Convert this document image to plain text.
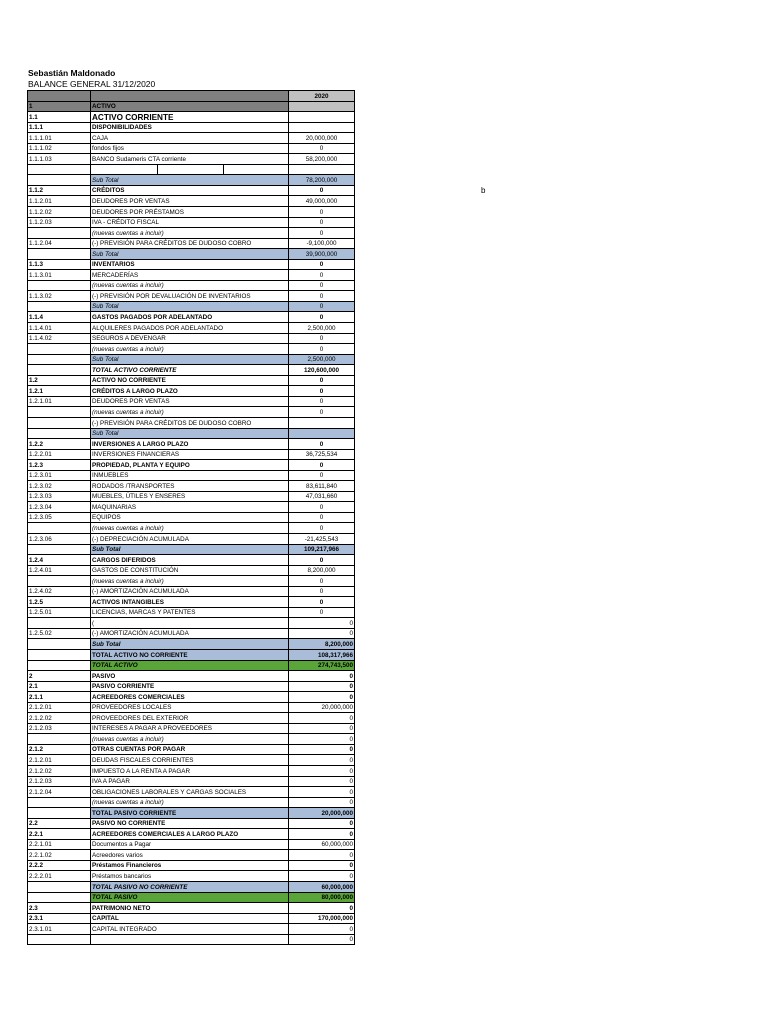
Sebastián Maldonado
BALANCE GENERAL 31/12/2020
b
		2020
1	ACTIVO	
1.1	ACTIVO CORRIENTE	
1.1.1	DISPONIBILIDADES	
1.1.1.01	CAJA	20,000,000
1.1.1.02	fondos fijos	0
1.1.1.03	BANCO Sudameris CTA corriente	58,200,000

	Sub Total	78,200,000
1.1.2	CRÉDITOS	0
1.1.2.01	DEUDORES POR VENTAS	49,000,000
1.1.2.02	DEUDORES POR PRÉSTAMOS	0
1.1.2.03	IVA - CRÉDITO FISCAL	0
	(nuevas cuentas a incluir)	0
1.1.2.04	(-) PREVISIÓN PARA CRÉDITOS DE DUDOSO COBRO	-9,100,000
	Sub Total	39,900,000
1.1.3	INVENTARIOS	0
1.1.3.01	MERCADERÍAS	0
	(nuevas cuentas a incluir)	0
1.1.3.02	(-) PREVISIÓN POR DEVALUACIÓN DE INVENTARIOS	0
	Sub Total	0
1.1.4	GASTOS PAGADOS POR ADELANTADO	0
1.1.4.01	ALQUILERES PAGADOS POR ADELANTADO	2,500,000
1.1.4.02	SEGUROS A DEVENGAR	0
	(nuevas cuentas a incluir)	0
	Sub Total	2,500,000
	TOTAL ACTIVO CORRIENTE	120,600,000
1.2	ACTIVO NO CORRIENTE	0
1.2.1	CRÉDITOS A LARGO PLAZO	0
1.2.1.01	DEUDORES POR VENTAS	0
	(nuevas cuentas a incluir)	0
	(-) PREVISIÓN PARA CRÉDITOS DE DUDOSO COBRO	
	Sub Total	
1.2.2	INVERSIONES A LARGO PLAZO	0
1.2.2.01	INVERSIONES FINANCIERAS	36,725,534
1.2.3	PROPIEDAD, PLANTA Y EQUIPO	0
1.2.3.01	INMUEBLES	0
1.2.3.02	RODADOS /TRANSPORTES	83,611,840
1.2.3.03	MUEBLES, ÚTILES Y ENSERES	47,031,660
1.2.3.04	MAQUINARIAS	0
1.2.3.05	EQUIPOS	0
	(nuevas cuentas a incluir)	0
1.2.3.06	(-) DEPRECIACIÓN ACUMULADA	-21,425,543
	Sub Total	109,217,966
1.2.4	CARGOS DIFERIDOS	0
1.2.4.01	GASTOS DE CONSTITUCIÓN	8,200,000
	(nuevas cuentas a incluir)	0
1.2.4.02	(-) AMORTIZACIÓN ACUMULADA	0
1.2.5	ACTIVOS INTANGIBLES	0
1.2.5.01	LICENCIAS, MARCAS Y PATENTES	0
	(	0
1.2.5.02	(-) AMORTIZACIÓN ACUMULADA	0
	Sub Total	8,200,000
	TOTAL ACTIVO NO CORRIENTE	108,317,966
	TOTAL ACTIVO	274,743,500
2	PASIVO	0
2.1	PASIVO CORRIENTE	0
2.1.1	ACREEDORES COMERCIALES	0
2.1.2.01	PROVEEDORES LOCALES	20,000,000
2.1.2.02	PROVEEDORES DEL EXTERIOR	0
2.1.2.03	INTERESES A PAGAR A PROVEEDORES	0
	(nuevas cuentas a incluir)	0
2.1.2	OTRAS CUENTAS POR PAGAR	0
2.1.2.01	DEUDAS FISCALES CORRIENTES	0
2.1.2.02	IMPUESTO A LA RENTA A PAGAR	0
2.1.2.03	IVA A PAGAR	0
2.1.2.04	OBLIGACIONES LABORALES Y CARGAS SOCIALES	0
	(nuevas cuentas a incluir)	0
	TOTAL PASIVO CORRIENTE	20,000,000
2.2	PASIVO NO CORRIENTE	0
2.2.1	ACREEDORES COMERCIALES A LARGO PLAZO	0
2.2.1.01	Documentos a Pagar	60,000,000
2.2.1.02	Acreedores varios	0
2.2.2	Préstamos Financieros	0
2.2.2.01	Préstamos bancarios	0
	TOTAL PASIVO NO CORRIENTE	60,000,000
	TOTAL PASIVO	80,000,000
2.3	PATRIMONIO NETO	0
2.3.1	CAPITAL	170,000,000
2.3.1.01	CAPITAL INTEGRADO	0
		0
